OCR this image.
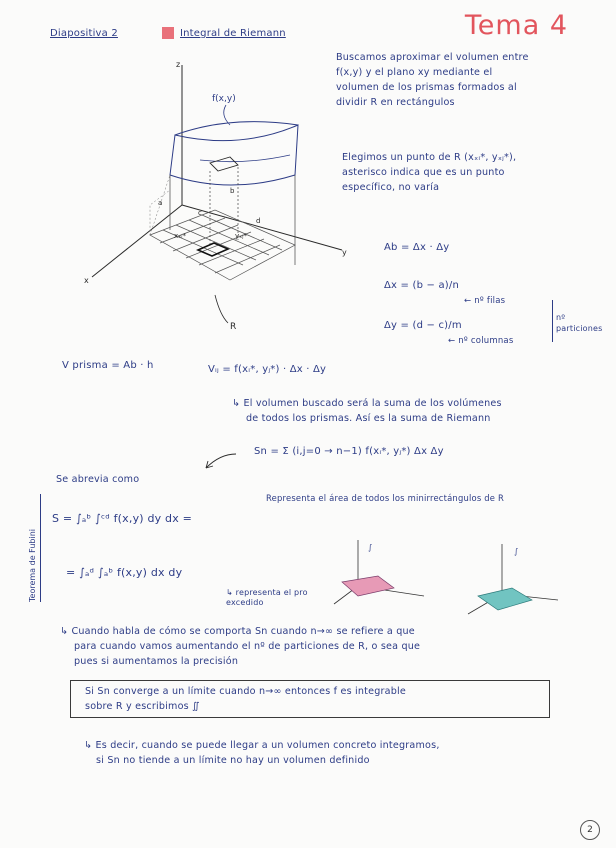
Diapositiva 2	Integral de Riemann	Tema 4
Buscamos aproximar el volumen entre
f(x,y) y el plano xy mediante el
volumen de los prismas formados al
dividir R en rectángulos
Elegimos un punto de R (xₓᵢ*, yₓⱼ*),
asterisco indica que es un punto
específico, no varía
z
y
x
f(x,y)
a
b
c
d
xₓᵢ*	yₓⱼ*
R
Ab = Δx · Δy
Δx = (b − a)/n
← nº filas
Δy = (d − c)/m
← nº columnas
nº particiones
V prisma = Ab · h	Vᵢⱼ = f(xᵢ*, yⱼ*) · Δx · Δy
↳ El volumen buscado será la suma de los volúmenes
de todos los prismas. Así es la suma de Riemann
Sn = Σ (i,j=0 → n−1) f(xᵢ*, yⱼ*) Δx Δy
Representa el área de todos los minirrectángulos de R
Se abrevia como
Teorema de Fubini
S = ∫ₐᵇ ∫ᶜᵈ f(x,y) dy dx =
= ∫ₐᵈ ∫ₐᵇ f(x,y) dx dy
↳ representa el pro excedido
∫	∫
↳ Cuando habla de cómo se comporta Sn cuando n→∞ se refiere a que
para cuando vamos aumentando el nº de particiones de R, o sea que
pues si aumentamos la precisión
Si Sn converge a un límite cuando n→∞ entonces f es integrable
sobre R y escribimos ∬
↳ Es decir, cuando se puede llegar a un volumen concreto integramos,
si Sn no tiende a un límite no hay un volumen definido
2
